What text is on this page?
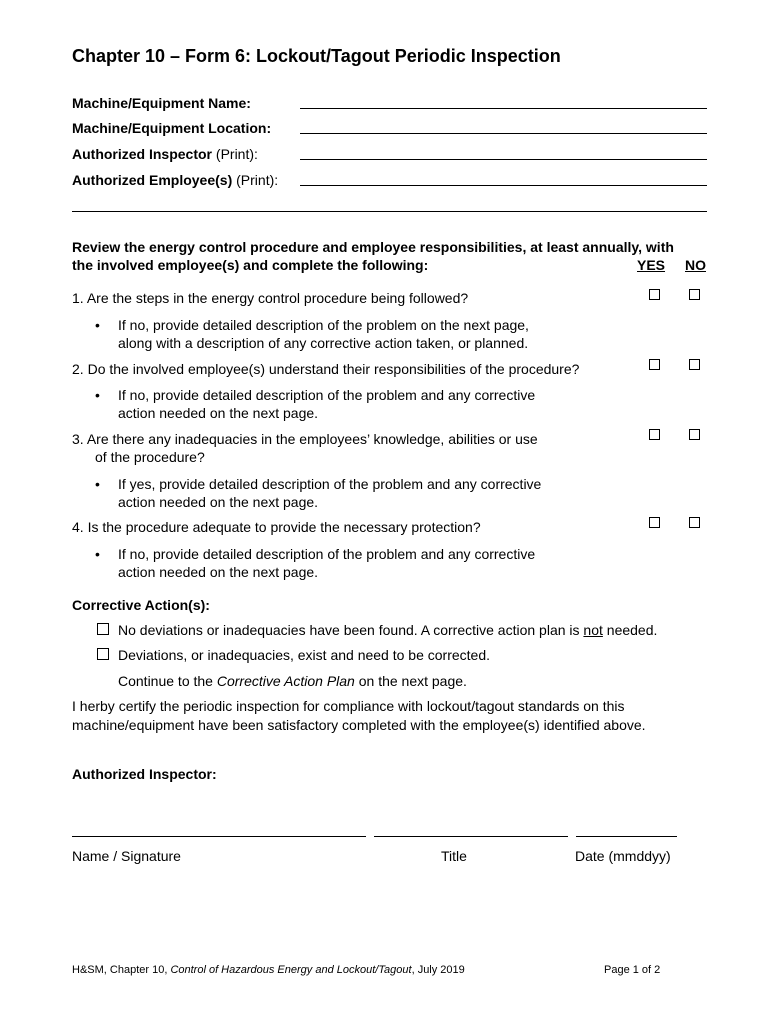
Chapter 10 – Form 6: Lockout/Tagout Periodic Inspection
Machine/Equipment Name:
Machine/Equipment Location:
Authorized Inspector (Print):
Authorized Employee(s) (Print):
Review the energy control procedure and employee responsibilities, at least annually, with
the involved employee(s) and complete the following:	YES NO
1. Are the steps in the energy control procedure being followed?
• If no, provide detailed description of the problem on the next page,
along with a description of any corrective action taken, or planned.
2. Do the involved employee(s) understand their responsibilities of the procedure?
• If no, provide detailed description of the problem and any corrective
action needed on the next page.
3. Are there any inadequacies in the employees’ knowledge, abilities or use
of the procedure?
• If yes, provide detailed description of the problem and any corrective
action needed on the next page.
4. Is the procedure adequate to provide the necessary protection?
• If no, provide detailed description of the problem and any corrective
action needed on the next page.
Corrective Action(s):
No deviations or inadequacies have been found. A corrective action plan is not needed.
Deviations, or inadequacies, exist and need to be corrected.
Continue to the Corrective Action Plan on the next page.
I herby certify the periodic inspection for compliance with lockout/tagout standards on this
machine/equipment have been satisfactory completed with the employee(s) identified above.
Authorized Inspector:
Name / Signature	Title	Date (mmddyy)
H&SM, Chapter 10, Control of Hazardous Energy and Lockout/Tagout, July 2019	Page 1 of 2
